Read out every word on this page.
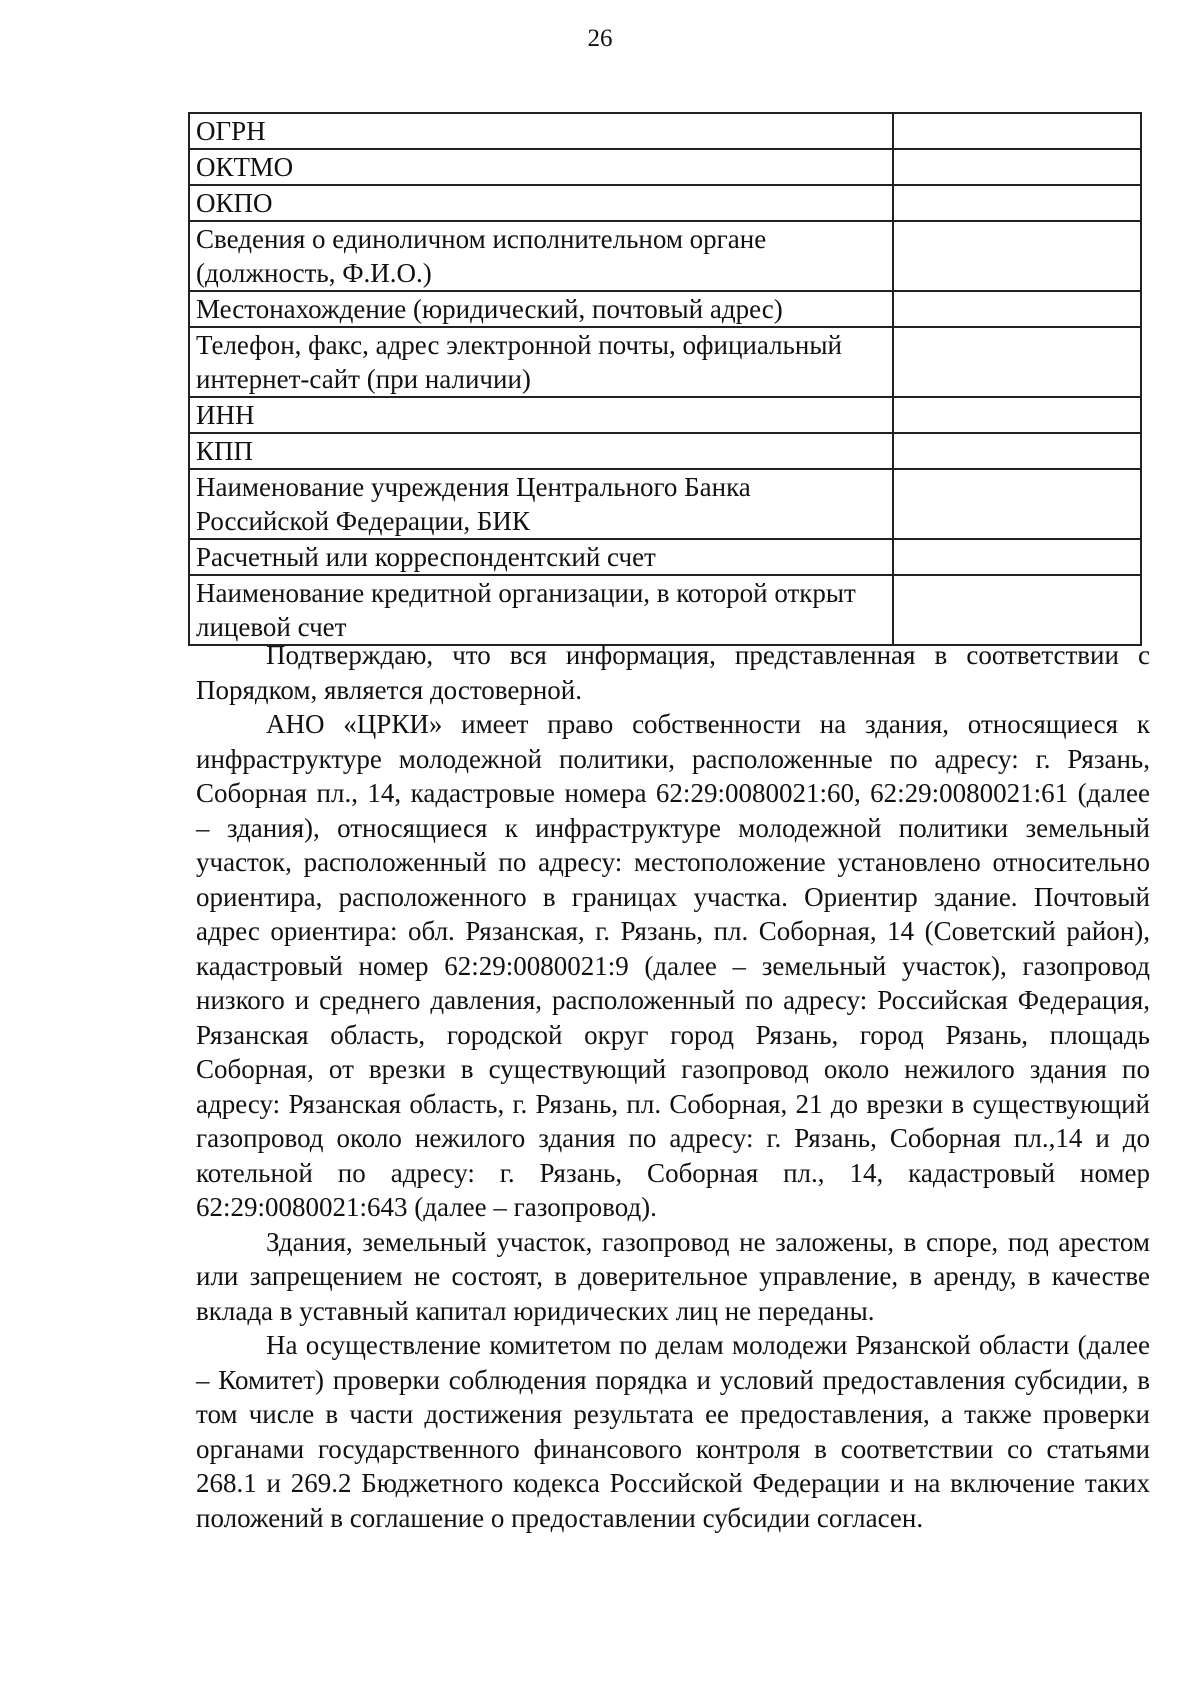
26
ОГРН	
ОКТМО	
ОКПО	
Сведения о единоличном исполнительном органе (должность, Ф.И.О.)	
Местонахождение (юридический, почтовый адрес)	
Телефон, факс, адрес электронной почты, официальный интернет-сайт (при наличии)	
ИНН	
КПП	
Наименование учреждения Центрального Банка Российской Федерации, БИК	
Расчетный или корреспондентский счет	
Наименование кредитной организации, в которой открыт лицевой счет	

Подтверждаю, что вся информация, представленная в соответствии с Порядком, является достоверной.

АНО «ЦРКИ» имеет право собственности на здания, относящиеся к инфраструктуре молодежной политики, расположенные по адресу: г. Рязань, Соборная пл., 14, кадастровые номера 62:29:0080021:60, 62:29:0080021:61 (далее – здания), относящиеся к инфраструктуре молодежной политики земельный участок, расположенный по адресу: местоположение установлено относительно ориентира, расположенного в границах участка. Ориентир здание. Почтовый адрес ориентира: обл. Рязанская, г. Рязань, пл. Соборная, 14 (Советский район), кадастровый номер 62:29:0080021:9 (далее – земельный участок), газопровод низкого и среднего давления, расположенный по адресу: Российская Федерация, Рязанская область, городской округ город Рязань, город Рязань, площадь Соборная, от врезки в существующий газопровод около нежилого здания по адресу: Рязанская область, г. Рязань, пл. Соборная, 21 до врезки в существующий газопровод около нежилого здания по адресу: г. Рязань, Соборная пл.,14 и до котельной по адресу: г. Рязань, Соборная пл., 14, кадастровый номер 62:29:0080021:643 (далее – газопровод).

Здания, земельный участок, газопровод не заложены, в споре, под арестом или запрещением не состоят, в доверительное управление, в аренду, в качестве вклада в уставный капитал юридических лиц не переданы.

На осуществление комитетом по делам молодежи Рязанской области (далее – Комитет) проверки соблюдения порядка и условий предоставления субсидии, в том числе в части достижения результата ее предоставления, а также проверки органами государственного финансового контроля в соответствии со статьями 268.1 и 269.2 Бюджетного кодекса Российской Федерации и на включение таких положений в соглашение о предоставлении субсидии согласен.
